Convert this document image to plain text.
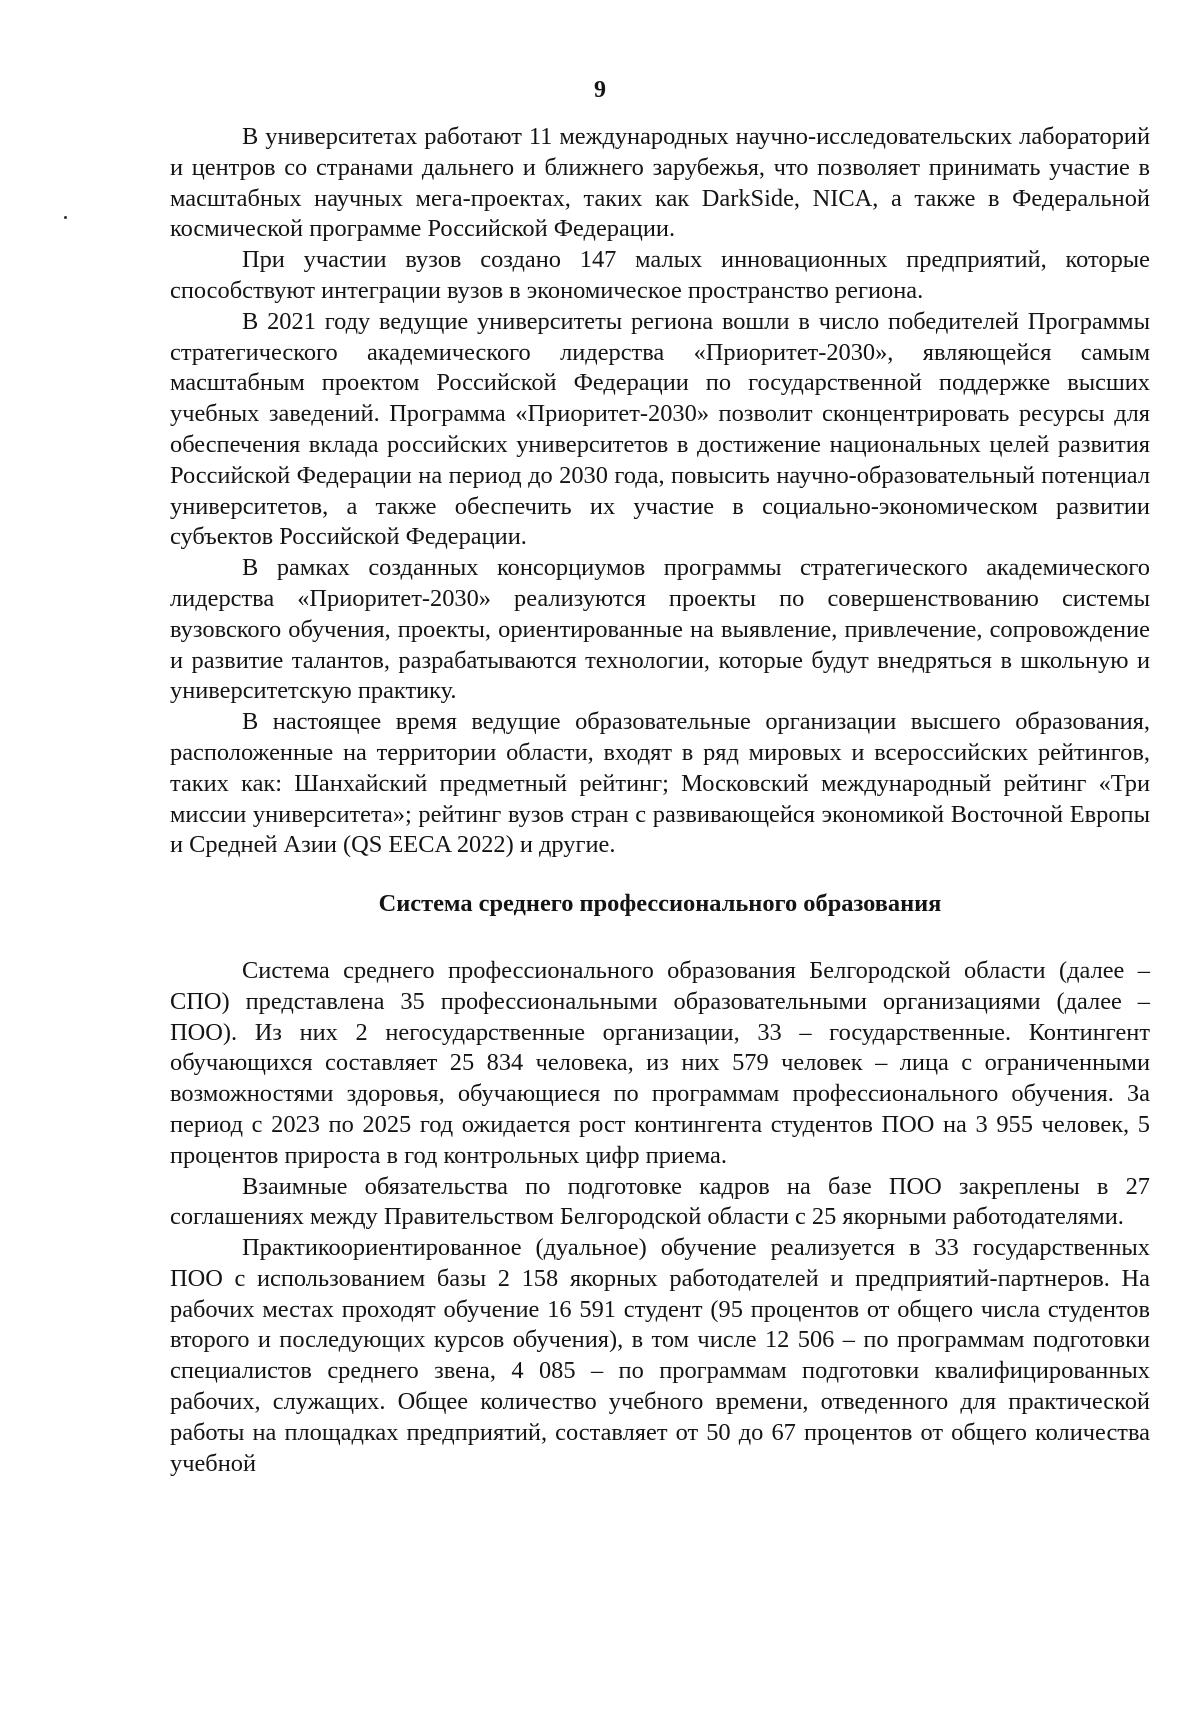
9

В университетах работают 11 международных научно-исследовательских лабораторий и центров со странами дальнего и ближнего зарубежья, что позволяет принимать участие в масштабных научных мега-проектах, таких как DarkSide, NICA, а также в Федеральной космической программе Российской Федерации.

При участии вузов создано 147 малых инновационных предприятий, которые способствуют интеграции вузов в экономическое пространство региона.

В 2021 году ведущие университеты региона вошли в число победителей Программы стратегического академического лидерства «Приоритет-2030», являющейся самым масштабным проектом Российской Федерации по государственной поддержке высших учебных заведений. Программа «Приоритет-2030» позволит сконцентрировать ресурсы для обеспечения вклада российских университетов в достижение национальных целей развития Российской Федерации на период до 2030 года, повысить научно-образовательный потенциал университетов, а также обеспечить их участие в социально-экономическом развитии субъектов Российской Федерации.

В рамках созданных консорциумов программы стратегического академического лидерства «Приоритет-2030» реализуются проекты по совершенствованию системы вузовского обучения, проекты, ориентированные на выявление, привлечение, сопровождение и развитие талантов, разрабатываются технологии, которые будут внедряться в школьную и университетскую практику.

В настоящее время ведущие образовательные организации высшего образования, расположенные на территории области, входят в ряд мировых и всероссийских рейтингов, таких как: Шанхайский предметный рейтинг; Московский международный рейтинг «Три миссии университета»; рейтинг вузов стран с развивающейся экономикой Восточной Европы и Средней Азии (QS EECA 2022) и другие.

Система среднего профессионального образования

Система среднего профессионального образования Белгородской области (далее – СПО) представлена 35 профессиональными образовательными организациями (далее – ПОО). Из них 2 негосударственные организации, 33 – государственные. Контингент обучающихся составляет 25 834 человека, из них 579 человек – лица с ограниченными возможностями здоровья, обучающиеся по программам профессионального обучения. За период с 2023 по 2025 год ожидается рост контингента студентов ПОО на 3 955 человек, 5 процентов прироста в год контрольных цифр приема.

Взаимные обязательства по подготовке кадров на базе ПОО закреплены в 27 соглашениях между Правительством Белгородской области с 25 якорными работодателями.

Практикоориентированное (дуальное) обучение реализуется в 33 государственных ПОО с использованием базы 2 158 якорных работодателей и предприятий-партнеров. На рабочих местах проходят обучение 16 591 студент (95 процентов от общего числа студентов второго и последующих курсов обучения), в том числе 12 506 – по программам подготовки специалистов среднего звена, 4 085 – по программам подготовки квалифицированных рабочих, служащих. Общее количество учебного времени, отведенного для практической работы на площадках предприятий, составляет от 50 до 67 процентов от общего количества учебной
